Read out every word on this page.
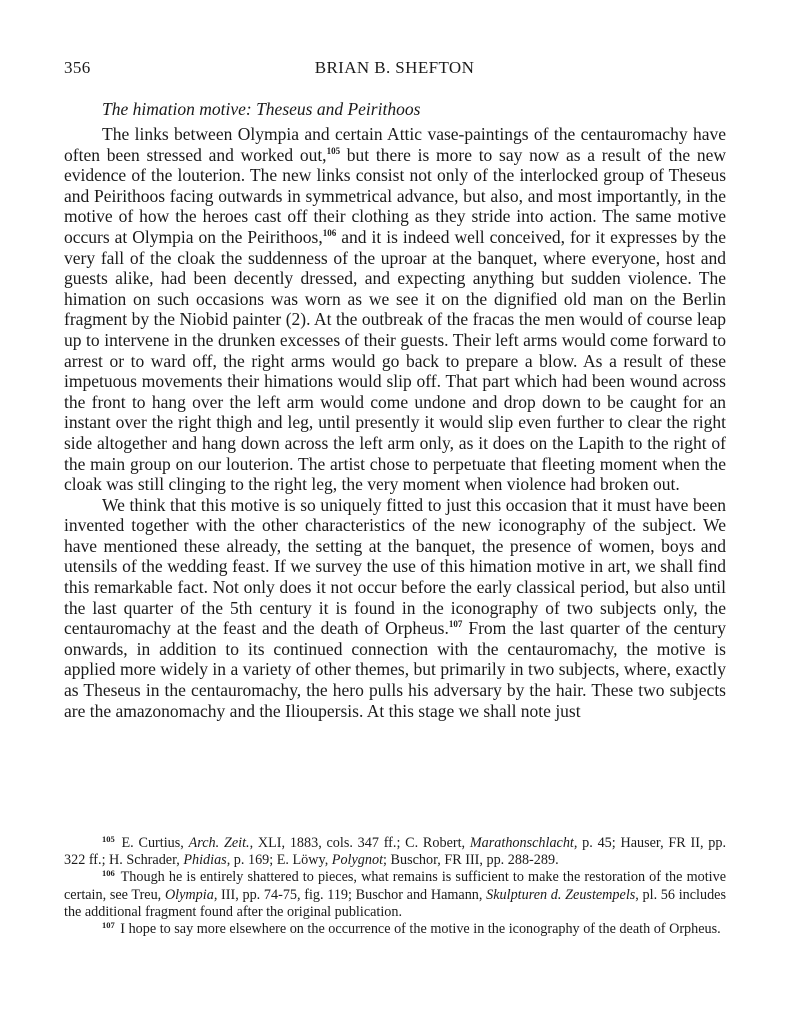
356	BRIAN B. SHEFTON
The himation motive: Theseus and Peirithoos

The links between Olympia and certain Attic vase-paintings of the centauromachy have often been stressed and worked out,$^{105}$ but there is more to say now as a result of the new evidence of the louterion. The new links consist not only of the interlocked group of Theseus and Peirithoos facing outwards in symmetrical advance, but also, and most importantly, in the motive of how the heroes cast off their clothing as they stride into action. The same motive occurs at Olympia on the Peirithoos,$^{106}$ and it is indeed well conceived, for it expresses by the very fall of the cloak the suddenness of the uproar at the banquet, where everyone, host and guests alike, had been decently dressed, and expecting anything but sudden violence. The himation on such occasions was worn as we see it on the dignified old man on the Berlin fragment by the Niobid painter (2). At the outbreak of the fracas the men would of course leap up to intervene in the drunken excesses of their guests. Their left arms would come forward to arrest or to ward off, the right arms would go back to prepare a blow. As a result of these impetuous movements their himations would slip off. That part which had been wound across the front to hang over the left arm would come undone and drop down to be caught for an instant over the right thigh and leg, until presently it would slip even further to clear the right side altogether and hang down across the left arm only, as it does on the Lapith to the right of the main group on our louterion. The artist chose to perpetuate that fleeting moment when the cloak was still clinging to the right leg, the very moment when violence had broken out.

We think that this motive is so uniquely fitted to just this occasion that it must have been invented together with the other characteristics of the new iconography of the subject. We have mentioned these already, the setting at the banquet, the presence of women, boys and utensils of the wedding feast. If we survey the use of this himation motive in art, we shall find this remarkable fact. Not only does it not occur before the early classical period, but also until the last quarter of the 5th century it is found in the iconography of two subjects only, the centauromachy at the feast and the death of Orpheus.$^{107}$ From the last quarter of the century onwards, in addition to its continued connection with the centauromachy, the motive is applied more widely in a variety of other themes, but primarily in two subjects, where, exactly as Theseus in the centauromachy, the hero pulls his adversary by the hair. These two subjects are the amazonomachy and the Ilioupersis. At this stage we shall note just

$^{105}$ E. Curtius, Arch. Zeit., XLI, 1883, cols. 347 ff.; C. Robert, Marathonschlacht, p. 45; Hauser, FR II, pp. 322 ff.; H. Schrader, Phidias, p. 169; E. Löwy, Polygnot; Buschor, FR III, pp. 288-289.

$^{106}$ Though he is entirely shattered to pieces, what remains is sufficient to make the restoration of the motive certain, see Treu, Olympia, III, pp. 74-75, fig. 119; Buschor and Hamann, Skulpturen d. Zeustempels, pl. 56 includes the additional fragment found after the original publication.

$^{107}$ I hope to say more elsewhere on the occurrence of the motive in the iconography of the death of Orpheus.
